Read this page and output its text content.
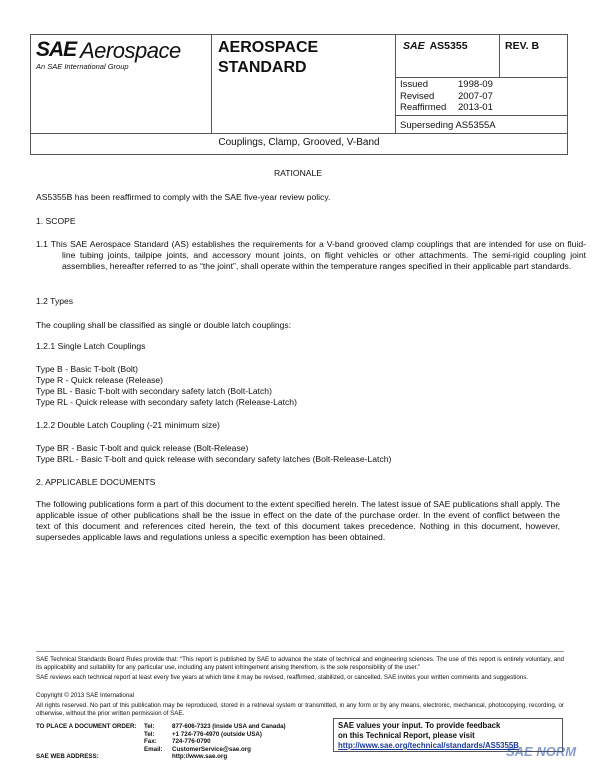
SAE Aerospace
An SAE International Group
AEROSPACE
STANDARD
SAE AS5355	REV. B
Issued	1998-09
Revised 2007-07
Reaffirmed 2013-01
Superseding AS5355A
Couplings, Clamp, Grooved, V-Band
RATIONALE
AS5355B has been reaffirmed to comply with the SAE five-year review policy.
1. SCOPE
1.1 This SAE Aerospace Standard (AS) establishes the requirements for a V-band grooved clamp couplings that are intended for use on fluid-line tubing joints, tailpipe joints, and accessory mount joints, on flight vehicles or other attachments. The semi-rigid coupling joint assemblies, hereafter referred to as “the joint”, shall operate within the temperature ranges specified in their applicable part standards.
1.2 Types
The coupling shall be classified as single or double latch couplings:
1.2.1 Single Latch Couplings
Type B - Basic T-bolt (Bolt)
Type R - Quick release (Release)
Type BL - Basic T-bolt with secondary safety latch (Bolt-Latch)
Type RL - Quick release with secondary safety latch (Release-Latch)
1.2.2 Double Latch Coupling (-21 minimum size)
Type BR - Basic T-bolt and quick release (Bolt-Release)
Type BRL - Basic T-bolt and quick release with secondary safety latches (Bolt-Release-Latch)
2. APPLICABLE DOCUMENTS
The following publications form a part of this document to the extent specified herein. The latest issue of SAE publications shall apply. The applicable issue of other publications shall be the issue in effect on the date of the purchase order. In the event of conflict between the text of this document and references cited herein, the text of this document takes precedence. Nothing in this document, however, supersedes applicable laws and regulations unless a specific exemption has been obtained.
SAE Technical Standards Board Rules provide that: “This report is published by SAE to advance the state of technical and engineering sciences. The use of this report is entirely voluntary, and its applicability and suitability for any particular use, including any patent infringement arising therefrom, is the sole responsibility of the user.”
SAE reviews each technical report at least every five years at which time it may be revised, reaffirmed, stabilized, or cancelled. SAE invites your written comments and suggestions.
Copyright © 2013 SAE International
All rights reserved. No part of this publication may be reproduced, stored in a retrieval system or transmitted, in any form or by any means, electronic, mechanical, photocopying, recording, or otherwise, without the prior written permission of SAE.
TO PLACE A DOCUMENT ORDER: Tel:	877-606-7323 (inside USA and Canada)
Tel:	+1 724-776-4970 (outside USA)
Fax: 724-776-0790
Email: CustomerService@sae.org
SAE WEB ADDRESS:	http://www.sae.org
SAE values your input. To provide feedback
on this Technical Report, please visit
http://www.sae.org/technical/standards/AS5355B
SAE NORM
